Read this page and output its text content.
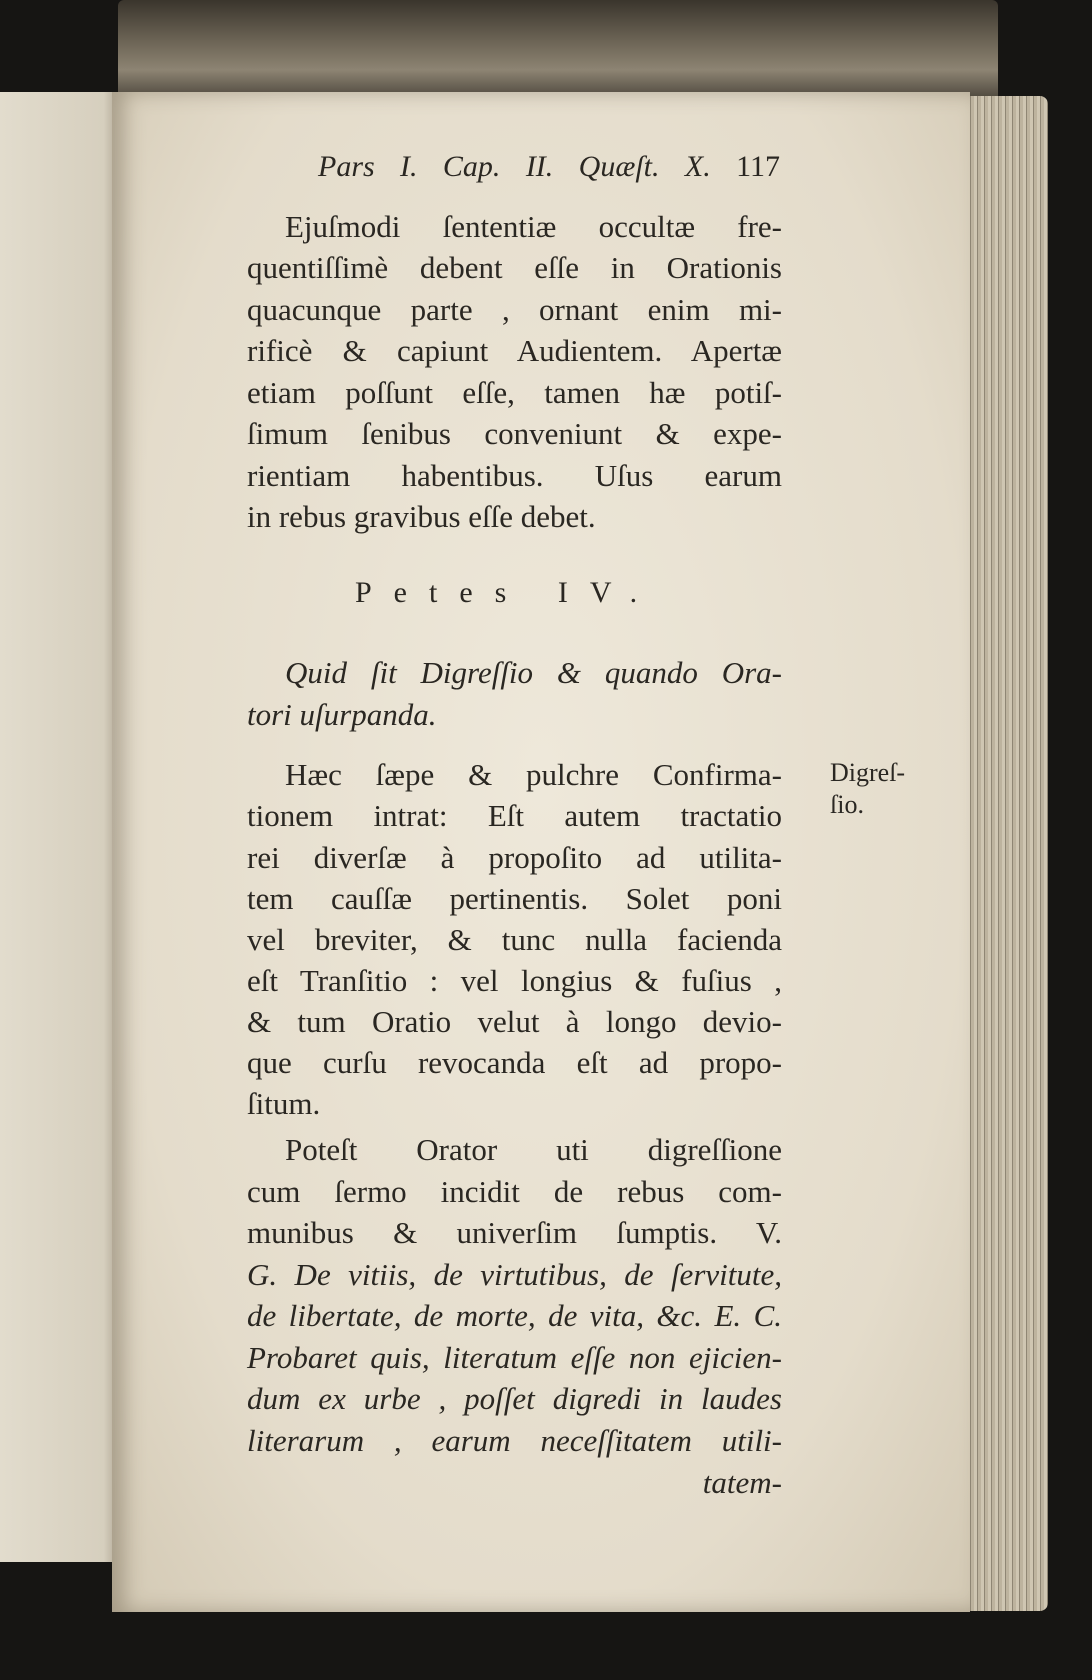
Pars I. Cap. II. Quæſt. X. 117
Ejuſmodi ſententiæ occultæ fre-
quentiſſimè debent eſſe in Orationis
quacunque parte , ornant enim mi-
rificè & capiunt Audientem. Apertæ
etiam poſſunt eſſe, tamen hæ potiſ-
ſimum ſenibus conveniunt & expe-
rientiam habentibus. Uſus earum
in rebus gravibus eſſe debet.
Petes IV.
Quid ſit Digreſſio & quando Ora-
tori uſurpanda.
Hæc ſæpe & pulchre Confirma-
tionem intrat: Eſt autem tractatio
rei diverſæ à propoſito ad utilita-
tem cauſſæ pertinentis. Solet poni
vel breviter, & tunc nulla facienda
eſt Tranſitio : vel longius & fuſius ,
& tum Oratio velut à longo devio-
que curſu revocanda eſt ad propo-
ſitum.
Digreſ-
ſio.
Poteſt Orator uti digreſſione
cum ſermo incidit de rebus com-
munibus & univerſim ſumptis. V.
G. De vitiis, de virtutibus, de ſervitute,
de libertate, de morte, de vita, &c. E. C.
Probaret quis, literatum eſſe non ejicien-
dum ex urbe , poſſet digredi in laudes
literarum , earum neceſſitatem utili-
tatem-
